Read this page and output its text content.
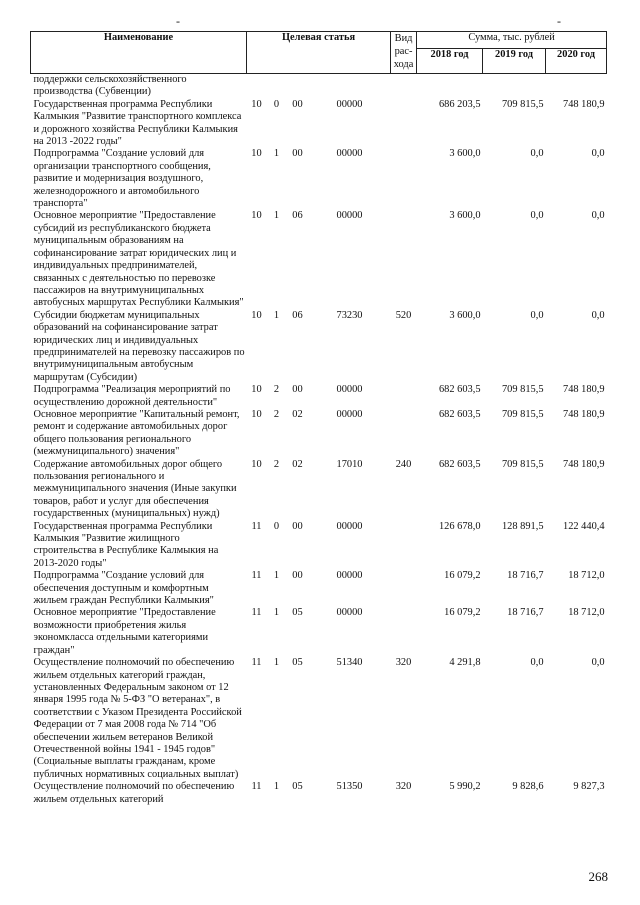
-	-
Наименование	Целевая статья				Вид рас-хода	Сумма, тыс. рублей		
						2018 год	2019 год	2020 год
поддержки сельскохозяйственного производства (Субвенции)								
Государственная программа Республики Калмыкия "Развитие транспортного комплекса и дорожного хозяйства Республики Калмыкия на 2013 -2022 годы"	10	0	00	00000		686 203,5	709 815,5	748 180,9
Подпрограмма "Создание условий для организации транспортного сообщения, развитие и модернизация воздушного, железнодорожного и автомобильного транспорта"	10	1	00	00000		3 600,0	0,0	0,0
Основное мероприятие "Предоставление субсидий из республиканского бюджета муниципальным образованиям на софинансирование затрат юридических лиц и индивидуальных предпринимателей, связанных с деятельностью по перевозке пассажиров на внутримуниципальных автобусных маршрутах Республики Калмыкия"	10	1	06	00000		3 600,0	0,0	0,0
Субсидии бюджетам муниципальных образований на софинансирование затрат юридических лиц и индивидуальных предпринимателей на перевозку пассажиров по внутримуниципальным автобусным маршрутам (Субсидии)	10	1	06	73230	520	3 600,0	0,0	0,0
Подпрограмма "Реализация мероприятий по осуществлению дорожной деятельности"	10	2	00	00000		682 603,5	709 815,5	748 180,9
Основное мероприятие "Капитальный ремонт, ремонт и содержание автомобильных дорог общего пользования регионального (межмуниципального) значения"	10	2	02	00000		682 603,5	709 815,5	748 180,9
Содержание автомобильных дорог общего пользования регионального и межмуниципального значения (Иные закупки товаров, работ и услуг для обеспечения государственных (муниципальных) нужд)	10	2	02	17010	240	682 603,5	709 815,5	748 180,9
Государственная программа Республики Калмыкия "Развитие жилищного строительства в Республике Калмыкия на 2013-2020 годы"	11	0	00	00000		126 678,0	128 891,5	122 440,4
Подпрограмма "Создание условий для обеспечения доступным и комфортным жильем граждан Республики Калмыкия"	11	1	00	00000		16 079,2	18 716,7	18 712,0
Основное мероприятие "Предоставление возможности приобретения жилья экономкласса отдельными категориями граждан"	11	1	05	00000		16 079,2	18 716,7	18 712,0
Осуществление полномочий по обеспечению жильем отдельных категорий граждан, установленных Федеральным законом от 12 января 1995 года № 5-ФЗ "О ветеранах", в соответствии с Указом Президента Российской Федерации от 7 мая 2008 года № 714 "Об обеспечении жильем ветеранов Великой Отечественной войны 1941 - 1945 годов" (Социальные выплаты гражданам, кроме публичных нормативных социальных выплат)	11	1	05	51340	320	4 291,8	0,0	0,0
Осуществление полномочий по обеспечению жильем отдельных категорий	11	1	05	51350	320	5 990,2	9 828,6	9 827,3
268
